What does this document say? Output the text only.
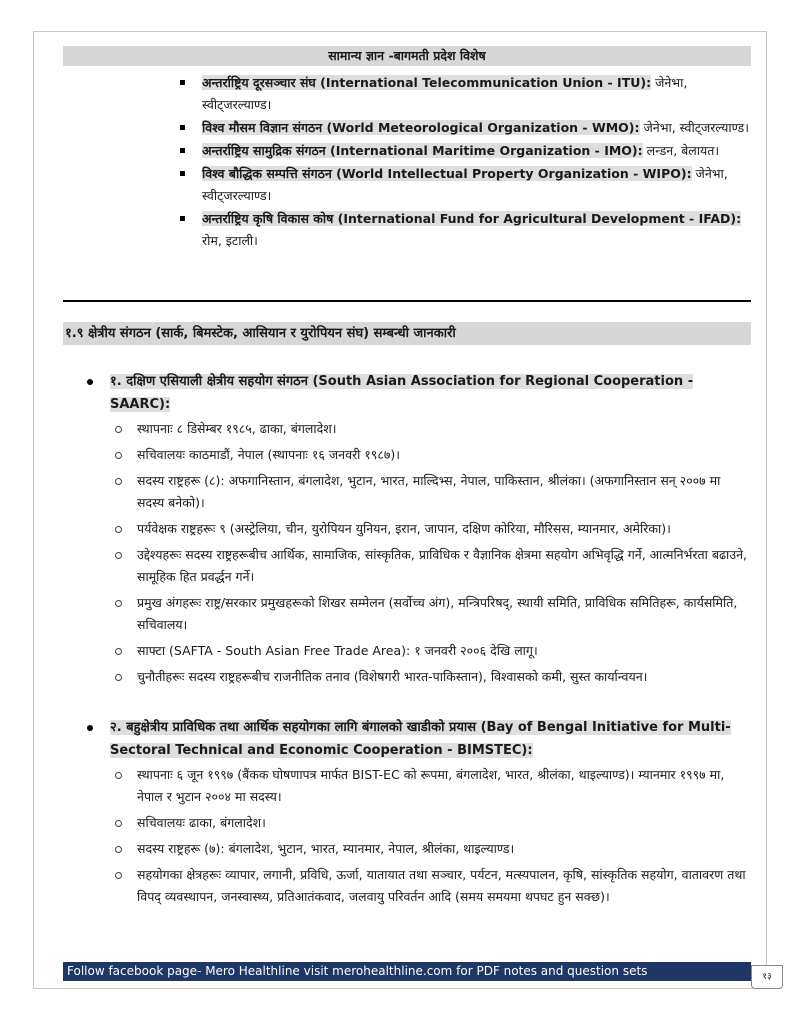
सामान्य ज्ञान -बागमती प्रदेश विशेष
अन्तर्राष्ट्रिय दूरसञ्चार संघ (International Telecommunication Union - ITU): जेनेभा, स्वीट्जरल्याण्ड।
विश्व मौसम विज्ञान संगठन (World Meteorological Organization - WMO): जेनेभा, स्वीट्जरल्याण्ड।
अन्तर्राष्ट्रिय सामुद्रिक संगठन (International Maritime Organization - IMO): लन्डन, बेलायत।
विश्व बौद्धिक सम्पत्ति संगठन (World Intellectual Property Organization - WIPO): जेनेभा, स्वीट्जरल्याण्ड।
अन्तर्राष्ट्रिय कृषि विकास कोष (International Fund for Agricultural Development - IFAD): रोम, इटाली।
१.९ क्षेत्रीय संगठन (सार्क, बिमस्टेक, आसियान र युरोपियन संघ) सम्बन्धी जानकारी
१. दक्षिण एसियाली क्षेत्रीय सहयोग संगठन (South Asian Association for Regional Cooperation - SAARC):
स्थापनाः ८ डिसेम्बर १९८५, ढाका, बंगलादेश।
सचिवालयः काठमाडौं, नेपाल (स्थापनाः १६ जनवरी १९८७)।
सदस्य राष्ट्रहरू (८): अफगानिस्तान, बंगलादेश, भुटान, भारत, माल्दिभ्स, नेपाल, पाकिस्तान, श्रीलंका। (अफगानिस्तान सन् २००७ मा सदस्य बनेको)।
पर्यवेक्षक राष्ट्रहरूः ९ (अस्ट्रेलिया, चीन, युरोपियन युनियन, इरान, जापान, दक्षिण कोरिया, मौरिसस, म्यानमार, अमेरिका)।
उद्देश्यहरूः सदस्य राष्ट्रहरूबीच आर्थिक, सामाजिक, सांस्कृतिक, प्राविधिक र वैज्ञानिक क्षेत्रमा सहयोग अभिवृद्धि गर्ने, आत्मनिर्भरता बढाउने, सामूहिक हित प्रवर्द्धन गर्ने।
प्रमुख अंगहरूः राष्ट्र/सरकार प्रमुखहरूको शिखर सम्मेलन (सर्वोच्च अंग), मन्त्रिपरिषद्, स्थायी समिति, प्राविधिक समितिहरू, कार्यसमिति, सचिवालय।
साफ्टा (SAFTA - South Asian Free Trade Area): १ जनवरी २००६ देखि लागू।
चुनौतीहरूः सदस्य राष्ट्रहरूबीच राजनीतिक तनाव (विशेषगरी भारत-पाकिस्तान), विश्वासको कमी, सुस्त कार्यान्वयन।
२. बहुक्षेत्रीय प्राविधिक तथा आर्थिक सहयोगका लागि बंगालको खाडीको प्रयास (Bay of Bengal Initiative for Multi-Sectoral Technical and Economic Cooperation - BIMSTEC):
स्थापनाः ६ जून १९९७ (बैंकक घोषणापत्र मार्फत BIST-EC को रूपमा, बंगलादेश, भारत, श्रीलंका, थाइल्याण्ड)। म्यानमार १९९७ मा, नेपाल र भुटान २००४ मा सदस्य।
सचिवालयः ढाका, बंगलादेश।
सदस्य राष्ट्रहरू (७): बंगलादेश, भुटान, भारत, म्यानमार, नेपाल, श्रीलंका, थाइल्याण्ड।
सहयोगका क्षेत्रहरूः व्यापार, लगानी, प्रविधि, ऊर्जा, यातायात तथा सञ्चार, पर्यटन, मत्स्यपालन, कृषि, सांस्कृतिक सहयोग, वातावरण तथा विपद् व्यवस्थापन, जनस्वास्थ्य, प्रतिआतंकवाद, जलवायु परिवर्तन आदि (समय समयमा थपघट हुन सक्छ)।
Follow facebook page- Mero Healthline visit merohealthline.com for PDF notes and question sets	१३
